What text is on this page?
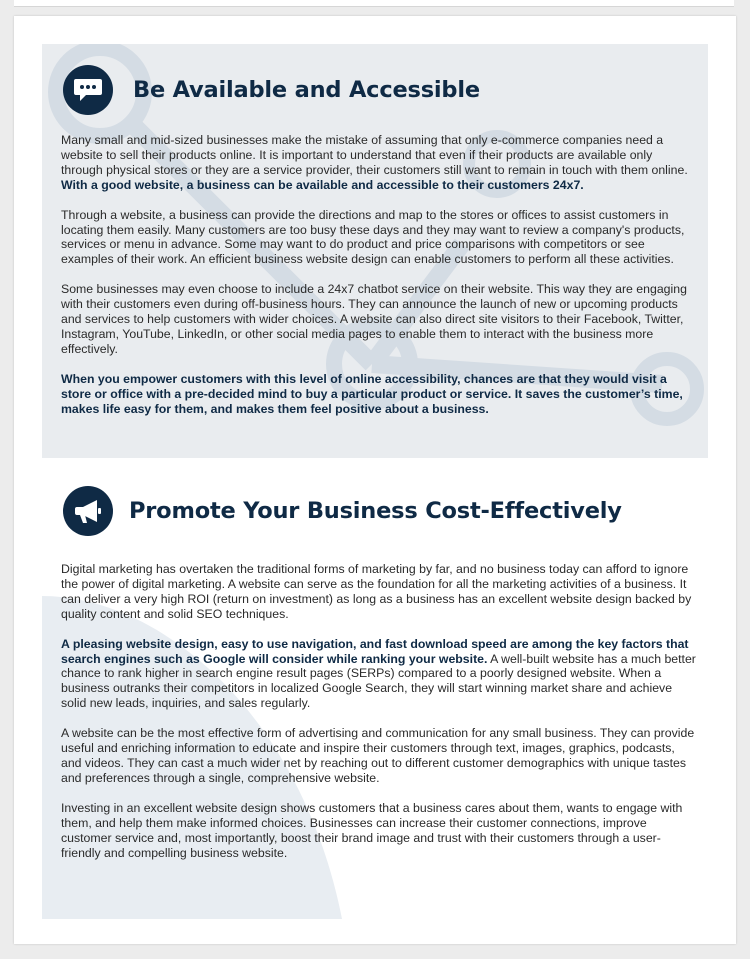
Be Available and Accessible

Many small and mid-sized businesses make the mistake of assuming that only e-commerce companies need a website to sell their products online. It is important to understand that even if their products are available only through physical stores or they are a service provider, their customers still want to remain in touch with them online. With a good website, a business can be available and accessible to their customers 24x7.

Through a website, a business can provide the directions and map to the stores or offices to assist customers in locating them easily. Many customers are too busy these days and they may want to review a company's products, services or menu in advance. Some may want to do product and price comparisons with competitors or see examples of their work. An efficient business website design can enable customers to perform all these activities.

Some businesses may even choose to include a 24x7 chatbot service on their website. This way they are engaging with their customers even during off-business hours. They can announce the launch of new or upcoming products and services to help customers with wider choices. A website can also direct site visitors to their Facebook, Twitter, Instagram, YouTube, LinkedIn, or other social media pages to enable them to interact with the business more effectively.

When you empower customers with this level of online accessibility, chances are that they would visit a store or office with a pre-decided mind to buy a particular product or service. It saves the customer’s time, makes life easy for them, and makes them feel positive about a business.

Promote Your Business Cost-Effectively

Digital marketing has overtaken the traditional forms of marketing by far, and no business today can afford to ignore the power of digital marketing. A website can serve as the foundation for all the marketing activities of a business. It can deliver a very high ROI (return on investment) as long as a business has an excellent website design backed by quality content and solid SEO techniques.

A pleasing website design, easy to use navigation, and fast download speed are among the key factors that search engines such as Google will consider while ranking your website. A well-built website has a much better chance to rank higher in search engine result pages (SERPs) compared to a poorly designed website. When a business outranks their competitors in localized Google Search, they will start winning market share and achieve solid new leads, inquiries, and sales regularly.

A website can be the most effective form of advertising and communication for any small business. They can provide useful and enriching information to educate and inspire their customers through text, images, graphics, podcasts, and videos. They can cast a much wider net by reaching out to different customer demographics with unique tastes and preferences through a single, comprehensive website.

Investing in an excellent website design shows customers that a business cares about them, wants to engage with them, and help them make informed choices. Businesses can increase their customer connections, improve customer service and, most importantly, boost their brand image and trust with their customers through a user-friendly and compelling business website.
